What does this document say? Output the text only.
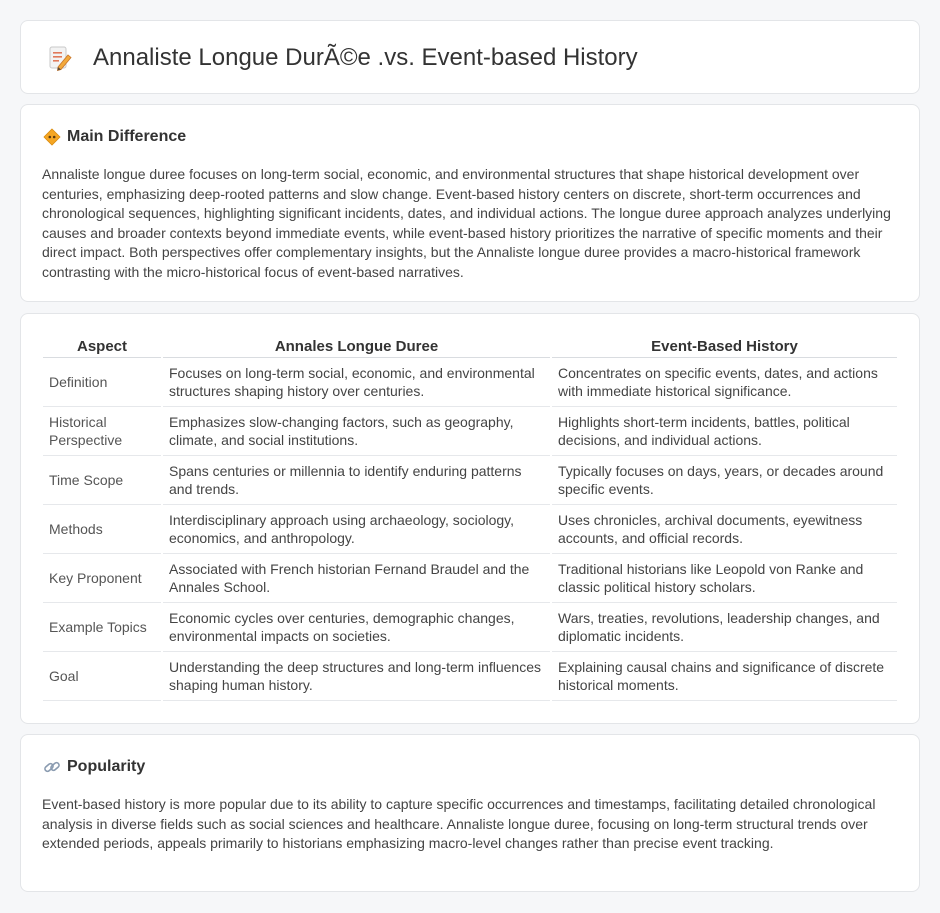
Annaliste Longue DurÃ©e .vs. Event-based History
Main Difference

Annaliste longue duree focuses on long-term social, economic, and environmental structures that shape historical development over centuries, emphasizing deep-rooted patterns and slow change. Event-based history centers on discrete, short-term occurrences and chronological sequences, highlighting significant incidents, dates, and individual actions. The longue duree approach analyzes underlying causes and broader contexts beyond immediate events, while event-based history prioritizes the narrative of specific moments and their direct impact. Both perspectives offer complementary insights, but the Annaliste longue duree provides a macro-historical framework contrasting with the micro-historical focus of event-based narratives.

Aspect	Annales Longue Duree	Event-Based History
Definition	Focuses on long-term social, economic, and environmental structures shaping history over centuries.	Concentrates on specific events, dates, and actions with immediate historical significance.
Historical Perspective	Emphasizes slow-changing factors, such as geography, climate, and social institutions.	Highlights short-term incidents, battles, political decisions, and individual actions.
Time Scope	Spans centuries or millennia to identify enduring patterns and trends.	Typically focuses on days, years, or decades around specific events.
Methods	Interdisciplinary approach using archaeology, sociology, economics, and anthropology.	Uses chronicles, archival documents, eyewitness accounts, and official records.
Key Proponent	Associated with French historian Fernand Braudel and the Annales School.	Traditional historians like Leopold von Ranke and classic political history scholars.
Example Topics	Economic cycles over centuries, demographic changes, environmental impacts on societies.	Wars, treaties, revolutions, leadership changes, and diplomatic incidents.
Goal	Understanding the deep structures and long-term influences shaping human history.	Explaining causal chains and significance of discrete historical moments.
Popularity

Event-based history is more popular due to its ability to capture specific occurrences and timestamps, facilitating detailed chronological analysis in diverse fields such as social sciences and healthcare. Annaliste longue duree, focusing on long-term structural trends over extended periods, appeals primarily to historians emphasizing macro-level changes rather than precise event tracking.
